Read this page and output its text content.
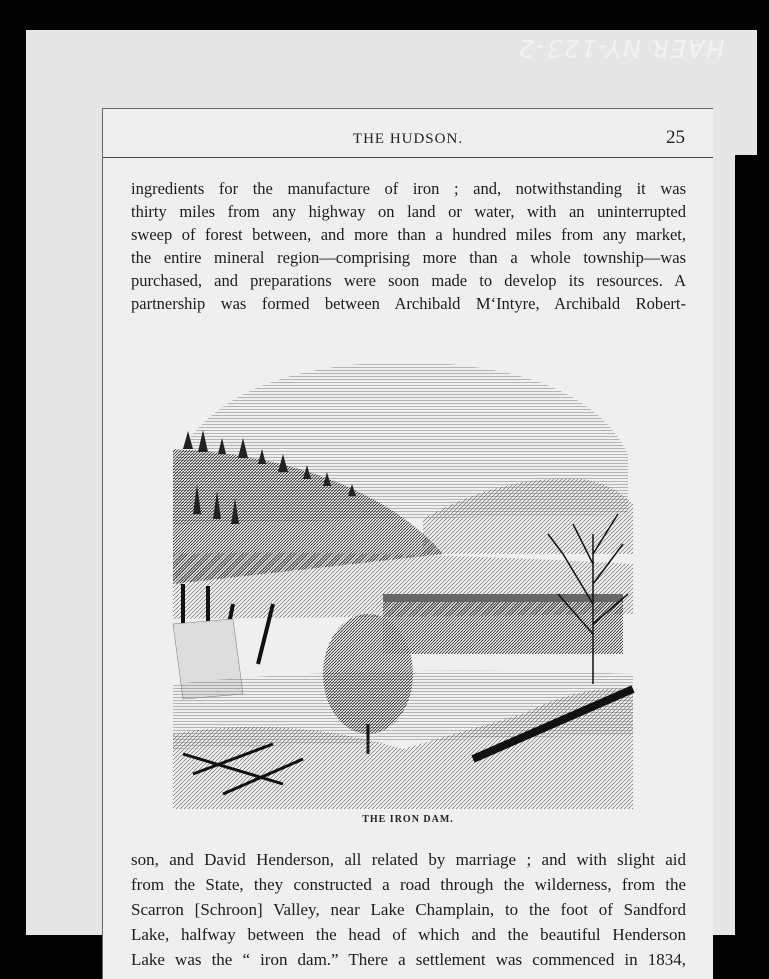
HAER NY-123-2
THE HUDSON.	25
ingredients for the manufacture of iron ; and, notwithstanding it was
thirty miles from any highway on land or water, with an uninterrupted
sweep of forest between, and more than a hundred miles from any market,
the entire mineral region—comprising more than a whole township—was
purchased, and preparations were soon made to develop its resources. A
partnership was formed between Archibald M‘Intyre, Archibald Robert-
THE IRON DAM.
son, and David Henderson, all related by marriage ; and with slight aid
from the State, they constructed a road through the wilderness, from the
Scarron [Schroon] Valley, near Lake Champlain, to the foot of Sandford
Lake, halfway between the head of which and the beautiful Henderson
Lake was the “ iron dam.” There a settlement was commenced in 1834,
